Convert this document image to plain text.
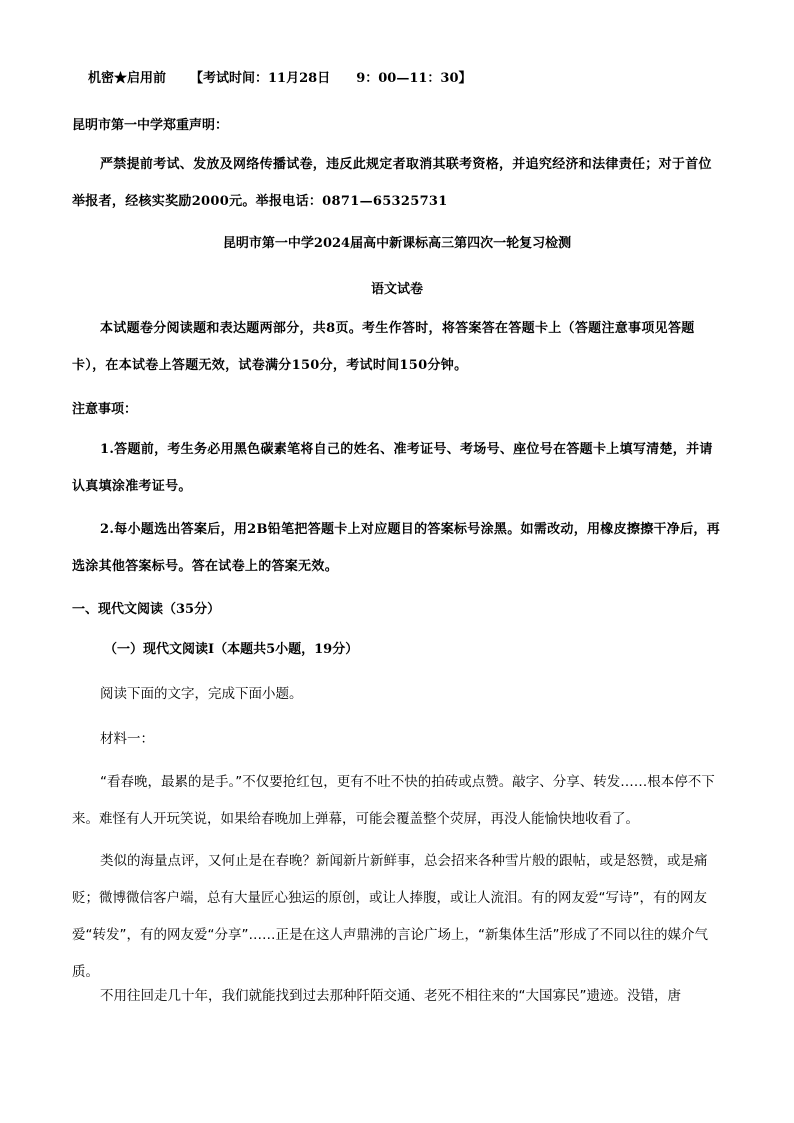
机密★启用前 【考试时间：11月28日　　9：00—11：30】
昆明市第一中学郑重声明：
严禁提前考试、发放及网络传播试卷，违反此规定者取消其联考资格，并追究经济和法律责任；对于首位举报者，经核实奖励2000元。举报电话：0871—65325731
昆明市第一中学2024届高中新课标高三第四次一轮复习检测
语文试卷
本试题卷分阅读题和表达题两部分，共8页。考生作答时，将答案答在答题卡上（答题注意事项见答题卡），在本试卷上答题无效，试卷满分150分，考试时间150分钟。
注意事项：
1.答题前，考生务必用黑色碳素笔将自己的姓名、准考证号、考场号、座位号在答题卡上填写清楚，并请认真填涂准考证号。
2.每小题选出答案后，用2B铅笔把答题卡上对应题目的答案标号涂黑。如需改动，用橡皮擦擦干净后，再选涂其他答案标号。答在试卷上的答案无效。
一、现代文阅读（35分）
（一）现代文阅读Ⅰ（本题共5小题，19分）
阅读下面的文字，完成下面小题。
材料一：
“看春晚，最累的是手。”不仅要抢红包，更有不吐不快的拍砖或点赞。敲字、分享、转发……根本停不下来。难怪有人开玩笑说，如果给春晚加上弹幕，可能会覆盖整个荧屏，再没人能愉快地收看了。
类似的海量点评，又何止是在春晚？新闻新片新鲜事，总会招来各种雪片般的跟帖，或是怒赞，或是痛贬；微博微信客户端，总有大量匠心独运的原创，或让人捧腹，或让人流泪。有的网友爱“写诗”，有的网友爱“转发”，有的网友爱“分享”……正是在这人声鼎沸的言论广场上，“新集体生活”形成了不同以往的媒介气质。
不用往回走几十年，我们就能找到过去那种阡陌交通、老死不相往来的“大国寡民”遗迹。没错，唐
